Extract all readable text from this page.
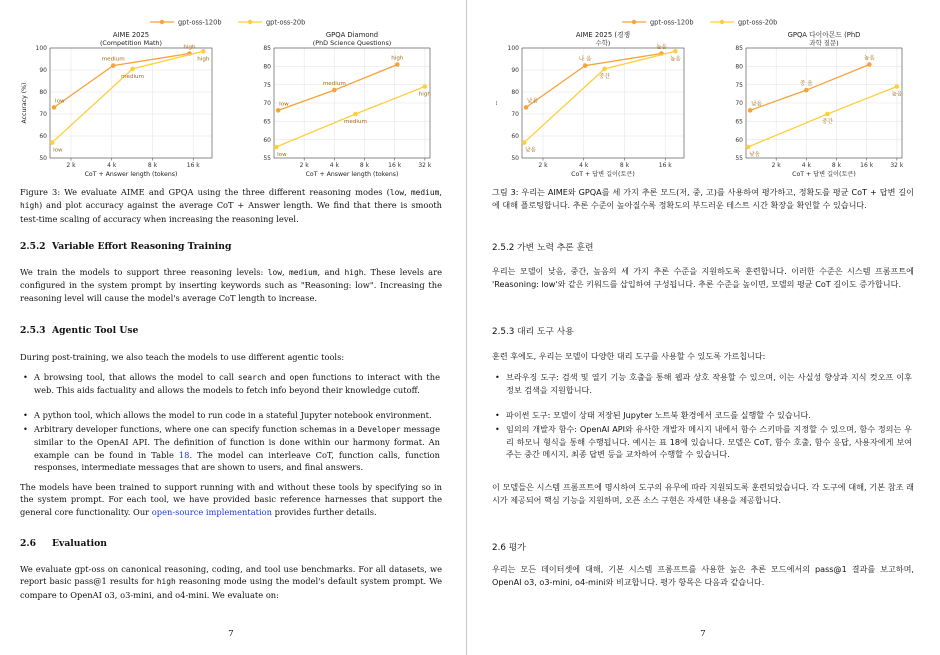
gpt-oss-120b	gpt-oss-20b
AIME 2025
(Competition Math)
50
60
70
80
90
100
2 k	4 k	8 k	16 k
CoT + Answer length (tokens)
Accuracy (%)	low
medium
high
low
medium
high
GPQA Diamond
(PhD Science Questions)
55
60
65
70
75
80
85
2 k	4 k	8 k	16 k	32 k
CoT + Answer length (tokens)
low
medium
high
low
medium
high
Figure 3: We evaluate AIME and GPQA using the three different reasoning modes (low, medium, high) and plot accuracy against the average CoT + Answer length. We find that there is smooth test-time scaling of accuracy when increasing the reasoning level.
2.5.2 Variable Effort Reasoning Training
We train the models to support three reasoning levels: low, medium, and high. These levels are configured in the system prompt by inserting keywords such as "Reasoning: low". Increasing the reasoning level will cause the model's average CoT length to increase.
2.5.3 Agentic Tool Use
During post-training, we also teach the models to use different agentic tools:
• A browsing tool, that allows the model to call search and open functions to interact with the web. This aids factuality and allows the models to fetch info beyond their knowledge cutoff.
• A python tool, which allows the model to run code in a stateful Jupyter notebook environment.
• Arbitrary developer functions, where one can specify function schemas in a Developer message similar to the OpenAI API. The definition of function is done within our harmony format. An example can be found in Table 18. The model can interleave CoT, function calls, function responses, intermediate messages that are shown to users, and final answers.
The models have been trained to support running with and without these tools by specifying so in the system prompt. For each tool, we have provided basic reference harnesses that support the general core functionality. Our open-source implementation provides further details.
2.6 Evaluation
We evaluate gpt-oss on canonical reasoning, coding, and tool use benchmarks. For all datasets, we report basic pass@1 results for high reasoning mode using the model's default system prompt. We compare to OpenAI o3, o3-mini, and o4-mini. We evaluate on:
7
gpt-oss-120b	gpt-oss-20b
AIME 2025 (경쟁
수학)
50
60
70
80
90
100
2 k	4 k	8 k	16 k
CoT + 답변 길이(토큰)
--	낮음
나 음
높음
낮음
중간
높음
GPQA 다이아몬드 (PhD
과학 질문)
55
60
65
70
75
80
85
2 k	4 k	8 k	16 k	32 k
CoT + 답변 길이(토큰)
낮음
중 음
높음
낮음
중간
높음
그림 3: 우리는 AIME와 GPQA를 세 가지 추론 모드(저, 중, 고)를 사용하여 평가하고, 정확도를 평균 CoT + 답변 길이에 대해 플로팅합니다. 추론 수준이 높아질수록 정확도의 부드러운 테스트 시간 확장을 확인할 수 있습니다.
2.5.2 가변 노력 추론 훈련
우리는 모델이 낮음, 중간, 높음의 세 가지 추론 수준을 지원하도록 훈련합니다. 이러한 수준은 시스템 프롬프트에 'Reasoning: low'와 같은 키워드를 삽입하여 구성됩니다. 추론 수준을 높이면, 모델의 평균 CoT 길이도 증가합니다.
2.5.3 대리 도구 사용
훈련 후에도, 우리는 모델이 다양한 대리 도구를 사용할 수 있도록 가르칩니다:
• 브라우징 도구: 검색 및 열기 기능 호출을 통해 웹과 상호 작용할 수 있으며, 이는 사실성 향상과 지식 컷오프 이후 정보 검색을 지원합니다.
• 파이썬 도구: 모델이 상태 저장된 Jupyter 노트북 환경에서 코드를 실행할 수 있습니다.
• 임의의 개발자 함수: OpenAI API와 유사한 개발자 메시지 내에서 함수 스키마를 지정할 수 있으며, 함수 정의는 우리 하모니 형식을 통해 수행됩니다. 예시는 표 18에 있습니다. 모델은 CoT, 함수 호출, 함수 응답, 사용자에게 보여주는 중간 메시지, 최종 답변 등을 교차하여 수행할 수 있습니다.
이 모델들은 시스템 프롬프트에 명시하여 도구의 유무에 따라 지원되도록 훈련되었습니다. 각 도구에 대해, 기본 참조 래시가 제공되어 핵심 기능을 지원하며, 오픈 소스 구현은 자세한 내용을 제공합니다.
2.6 평가
우리는 모든 데이터셋에 대해, 기본 시스템 프롬프트를 사용한 높은 추론 모드에서의 pass@1 결과를 보고하며, OpenAI o3, o3-mini, o4-mini와 비교합니다. 평가 항목은 다음과 같습니다.
7
